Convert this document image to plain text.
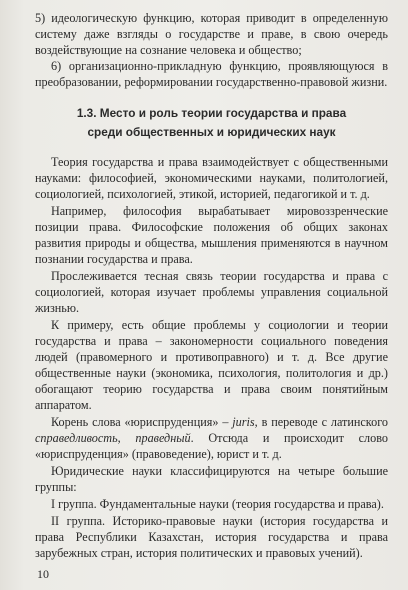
5) идеологическую функцию, которая приводит в определенную систему даже взгляды о государстве и праве, в свою очередь воздействующие на сознание человека и общество;

6) организационно-прикладную функцию, проявляющуюся в преобразовании, реформировании государственно-правовой жизни.

1.3. Место и роль теории государства и права
среди общественных и юридических наук

Теория государства и права взаимодействует с общественными науками: философией, экономическими науками, политологией, социологией, психологией, этикой, историей, педагогикой и т. д.

Например, философия вырабатывает мировоззренческие позиции права. Философские положения об общих законах развития природы и общества, мышления применяются в научном познании государства и права.

Прослеживается тесная связь теории государства и права с социологией, которая изучает проблемы управления социальной жизнью.

К примеру, есть общие проблемы у социологии и теории государства и права – закономерности социального поведения людей (правомерного и противоправного) и т. д. Все другие общественные науки (экономика, психология, политология и др.) обогащают теорию государства и права своим понятийным аппаратом.

Корень слова «юриспруденция» – juris, в переводе с латинского справедливость, праведный. Отсюда и происходит слово «юриспруденция» (правоведение), юрист и т. д.

Юридические науки классифицируются на четыре большие группы:

I группа. Фундаментальные науки (теория государства и права).

II группа. Историко-правовые науки (история государства и права Республики Казахстан, история государства и права зарубежных стран, история политических и правовых учений).

10
